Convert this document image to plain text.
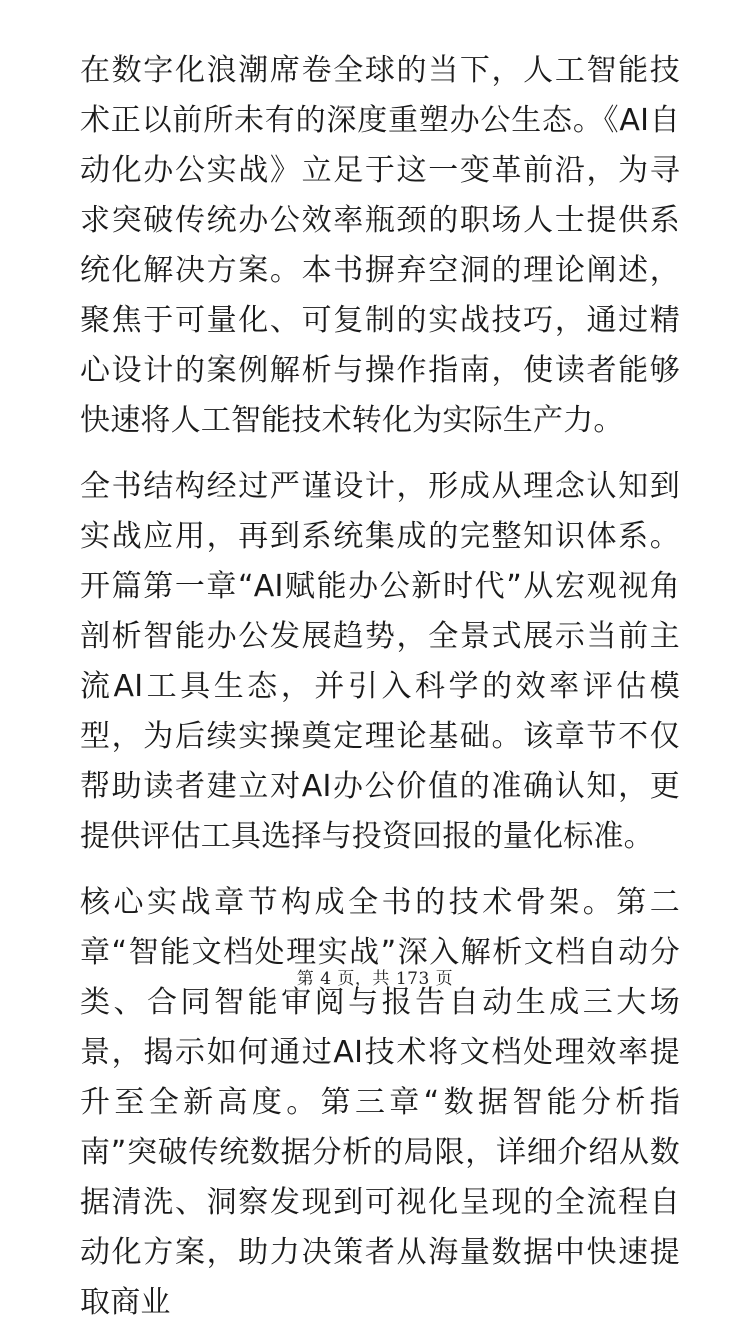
在数字化浪潮席卷全球的当下，人工智能技术正以前所未有的深度重塑办公生态。《AI自动化办公实战》立足于这一变革前沿，为寻求突破传统办公效率瓶颈的职场人士提供系统化解决方案。本书摒弃空洞的理论阐述，聚焦于可量化、可复制的实战技巧，通过精心设计的案例解析与操作指南，使读者能够快速将人工智能技术转化为实际生产力。

全书结构经过严谨设计，形成从理念认知到实战应用，再到系统集成的完整知识体系。开篇第一章“AI赋能办公新时代”从宏观视角剖析智能办公发展趋势，全景式展示当前主流AI工具生态，并引入科学的效率评估模型，为后续实操奠定理论基础。该章节不仅帮助读者建立对AI办公价值的准确认知，更提供评估工具选择与投资回报的量化标准。

核心实战章节构成全书的技术骨架。第二章“智能文档处理实战”深入解析文档自动分类、合同智能审阅与报告自动生成三大场景，揭示如何通过AI技术将文档处理效率提升至全新高度。第三章“数据智能分析指南”突破传统数据分析的局限，详细介绍从数据清洗、洞察发现到可视化呈现的全流程自动化方案，助力决策者从海量数据中快速提取商业

第 4 页，共 173 页
